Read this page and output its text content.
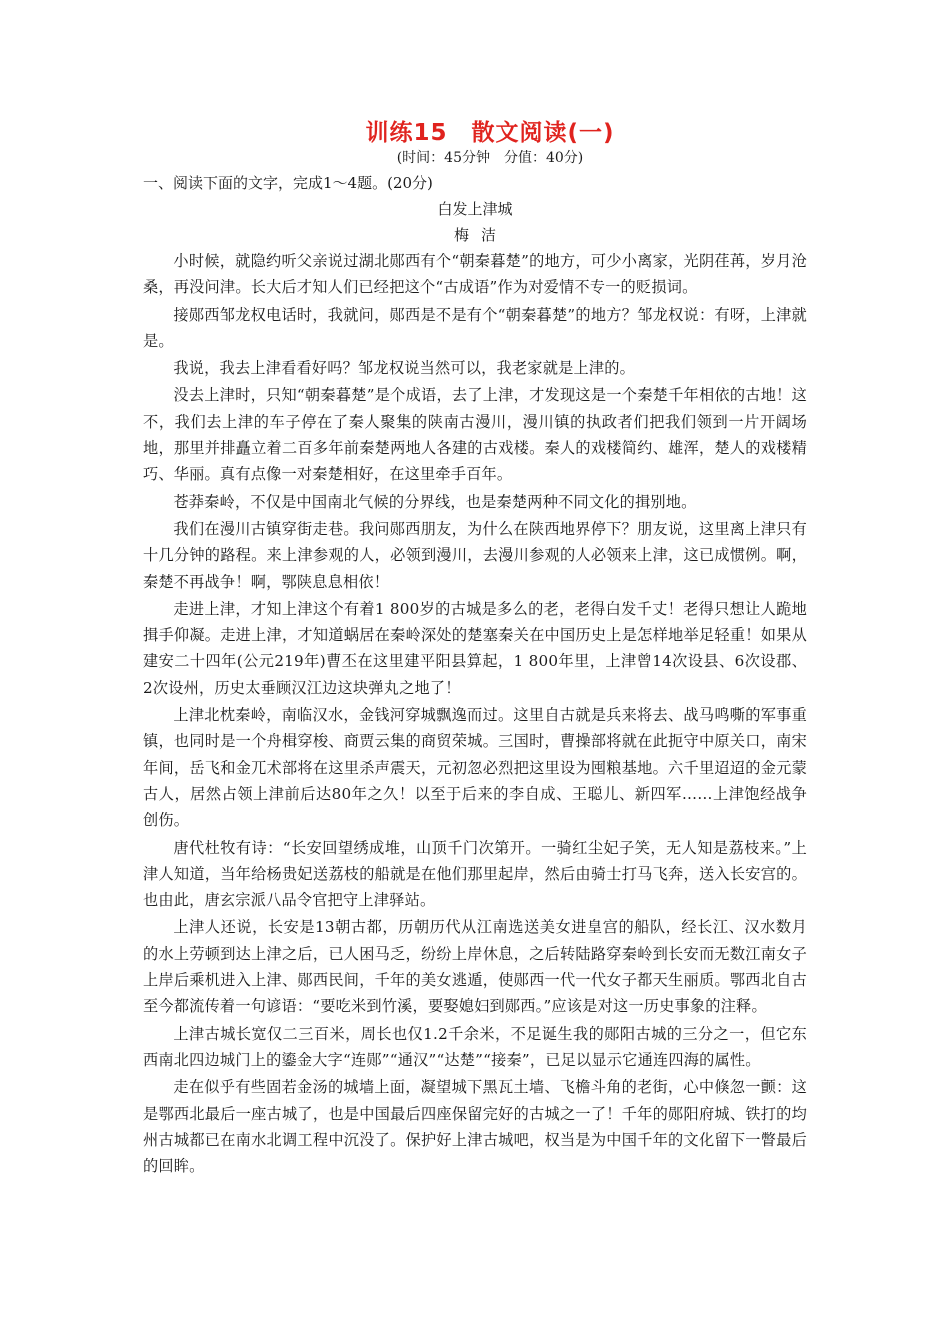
训练15　散文阅读(一)
(时间：45分钟　分值：40分)
一、阅读下面的文字，完成1～4题。(20分)
白发上津城
梅洁

小时候，就隐约听父亲说过湖北郧西有个“朝秦暮楚”的地方，可少小离家，光阴荏苒，岁月沧桑，再没问津。长大后才知人们已经把这个“古成语”作为对爱情不专一的贬损词。

接郧西邹龙权电话时，我就问，郧西是不是有个“朝秦暮楚”的地方？邹龙权说：有呀，上津就是。

我说，我去上津看看好吗？邹龙权说当然可以，我老家就是上津的。

没去上津时，只知“朝秦暮楚”是个成语，去了上津，才发现这是一个秦楚千年相依的古地！这不，我们去上津的车子停在了秦人聚集的陕南古漫川，漫川镇的执政者们把我们领到一片开阔场地，那里并排矗立着二百多年前秦楚两地人各建的古戏楼。秦人的戏楼简约、雄浑，楚人的戏楼精巧、华丽。真有点像一对秦楚相好，在这里牵手百年。

苍莽秦岭，不仅是中国南北气候的分界线，也是秦楚两种不同文化的揖别地。

我们在漫川古镇穿街走巷。我问郧西朋友，为什么在陕西地界停下？朋友说，这里离上津只有十几分钟的路程。来上津参观的人，必领到漫川，去漫川参观的人必领来上津，这已成惯例。啊，秦楚不再战争！啊，鄂陕息息相依！

走进上津，才知上津这个有着1 800岁的古城是多么的老，老得白发千丈！老得只想让人跪地揖手仰凝。走进上津，才知道蜗居在秦岭深处的楚塞秦关在中国历史上是怎样地举足轻重！如果从建安二十四年(公元219年)曹丕在这里建平阳县算起，1 800年里，上津曾14次设县、6次设郡、2次设州，历史太垂顾汉江边这块弹丸之地了！

上津北枕秦岭，南临汉水，金钱河穿城飘逸而过。这里自古就是兵来将去、战马鸣嘶的军事重镇，也同时是一个舟楫穿梭、商贾云集的商贸荣城。三国时，曹操部将就在此扼守中原关口，南宋年间，岳飞和金兀术部将在这里杀声震天，元初忽必烈把这里设为囤粮基地。六千里迢迢的金元蒙古人，居然占领上津前后达80年之久！以至于后来的李自成、王聪儿、新四军……上津饱经战争创伤。

唐代杜牧有诗：“长安回望绣成堆，山顶千门次第开。一骑红尘妃子笑，无人知是荔枝来。”上津人知道，当年给杨贵妃送荔枝的船就是在他们那里起岸，然后由骑士打马飞奔，送入长安宫的。也由此，唐玄宗派八品令官把守上津驿站。

上津人还说，长安是13朝古都，历朝历代从江南选送美女进皇宫的船队，经长江、汉水数月的水上劳顿到达上津之后，已人困马乏，纷纷上岸休息，之后转陆路穿秦岭到长安而无数江南女子上岸后乘机进入上津、郧西民间，千年的美女逃遁，使郧西一代一代女子都天生丽质。鄂西北自古至今都流传着一句谚语：“要吃米到竹溪，要娶媳妇到郧西。”应该是对这一历史事象的注释。

上津古城长宽仅二三百米，周长也仅1.2千余米，不足诞生我的郧阳古城的三分之一，但它东西南北四边城门上的鎏金大字“连郧”“通汉”“达楚”“接秦”，已足以显示它通连四海的属性。

走在似乎有些固若金汤的城墙上面，凝望城下黑瓦土墙、飞檐斗角的老街，心中倏忽一颤：这是鄂西北最后一座古城了，也是中国最后四座保留完好的古城之一了！千年的郧阳府城、铁打的均州古城都已在南水北调工程中沉没了。保护好上津古城吧，权当是为中国千年的文化留下一瞥最后的回眸。
